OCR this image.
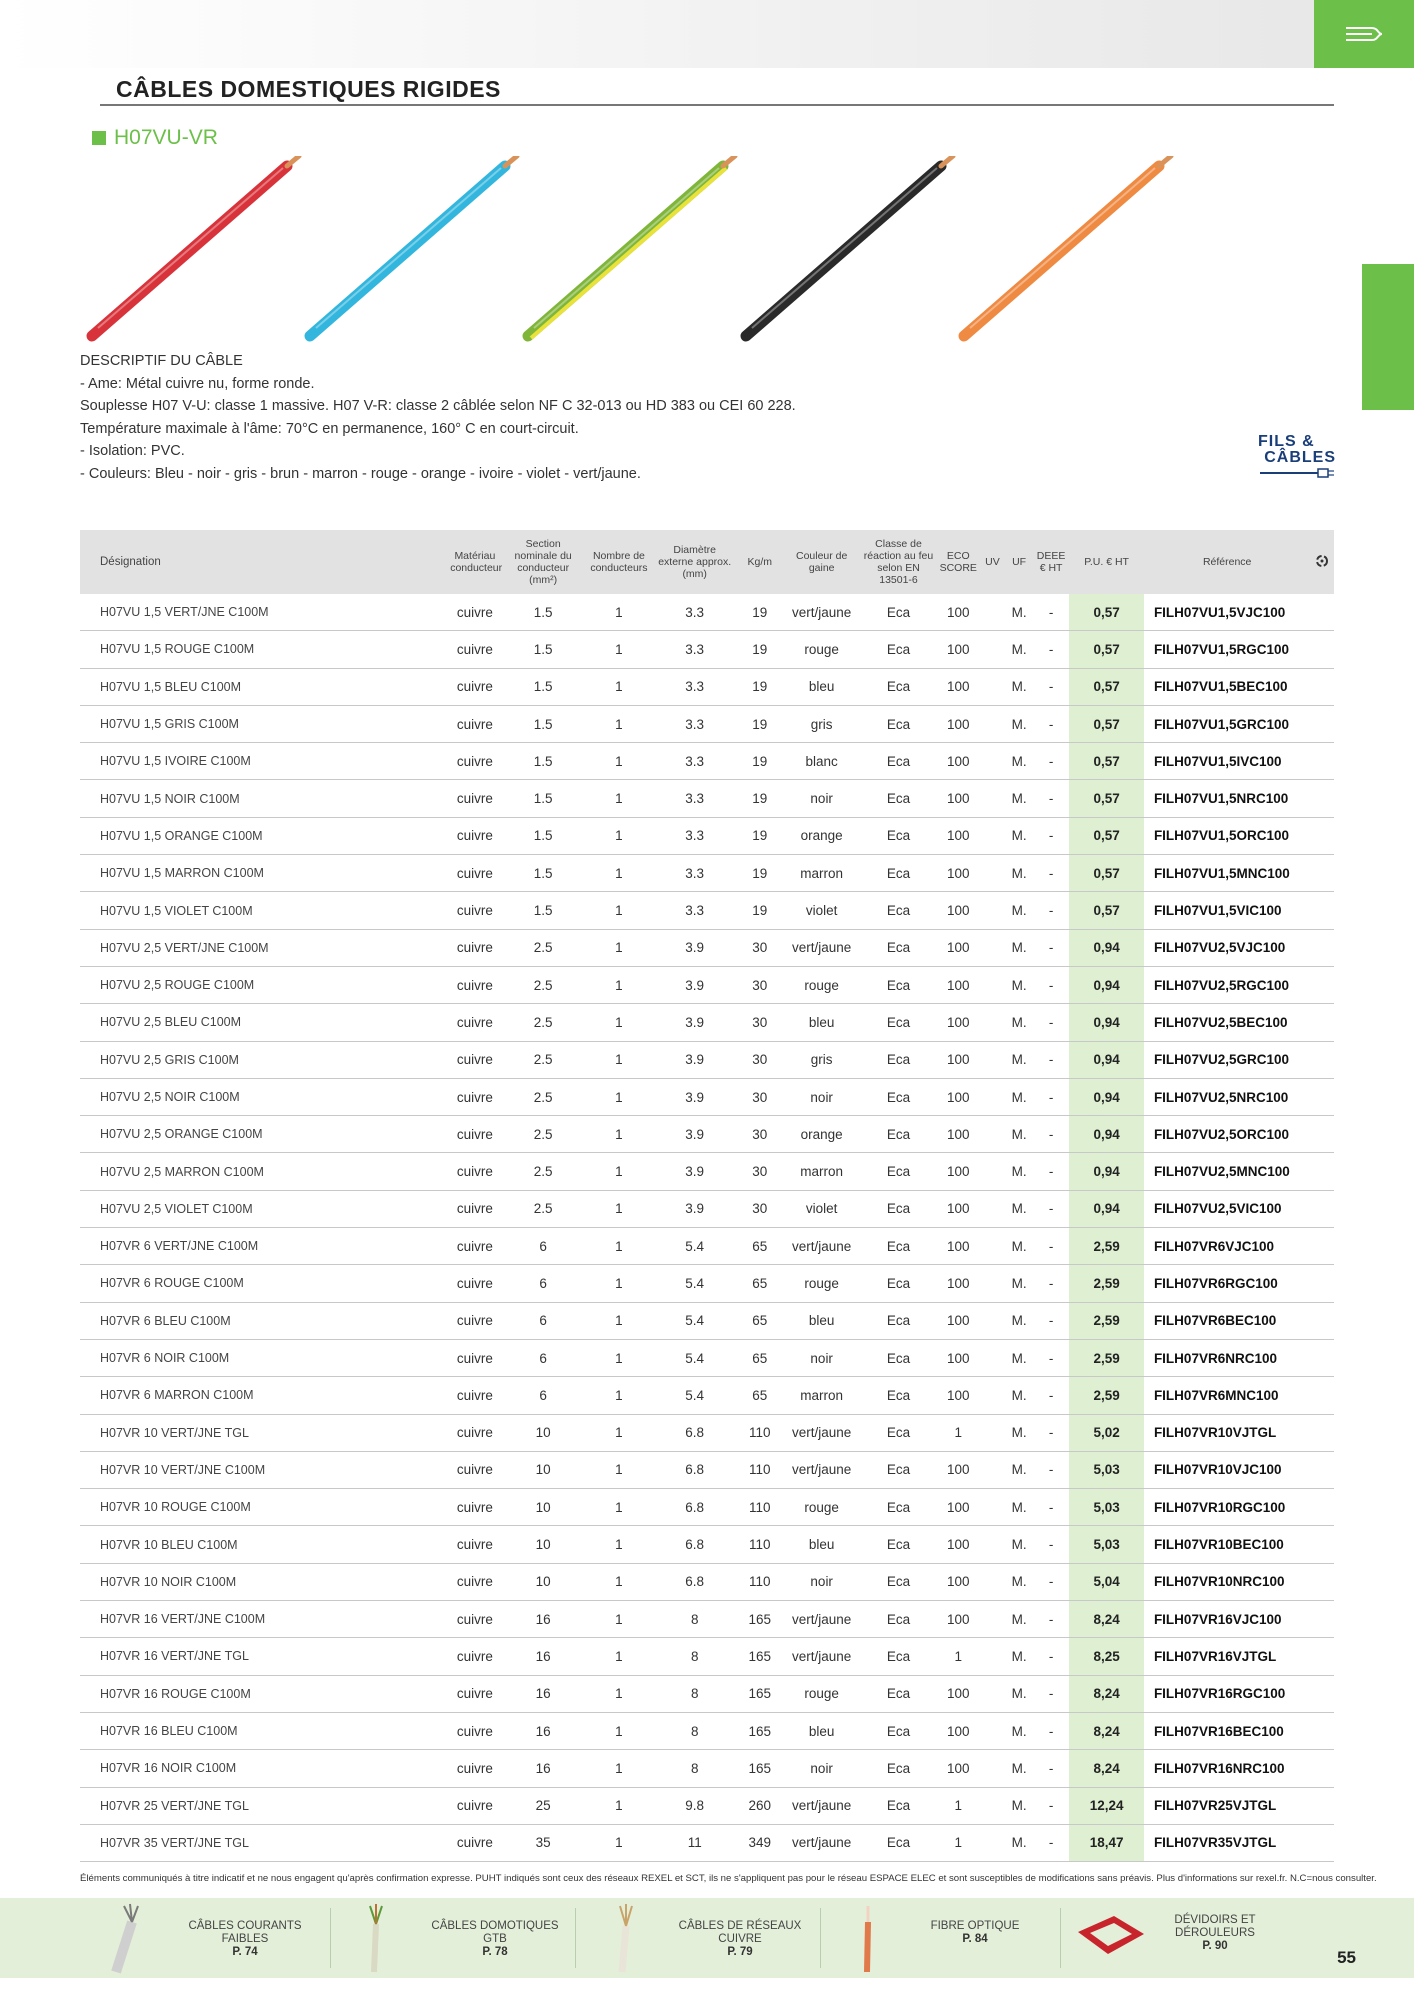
CÂBLES DOMESTIQUES RIGIDES
H07VU-VR
DESCRIPTIF DU CÂBLE
- Ame: Métal cuivre nu, forme ronde.
Souplesse H07 V-U: classe 1 massive. H07 V-R: classe 2 câblée selon NF C 32-013 ou HD 383 ou CEI 60 228.
Température maximale à l'âme: 70°C en permanence, 160° C en court-circuit.
- Isolation: PVC.
- Couleurs: Bleu - noir - gris - brun - marron - rouge - orange - ivoire - violet - vert/jaune.
FILS &
CÂBLES
Désignation	Matériau conducteur	Section nominale du conducteur (mm²)	Nombre de conducteurs	Diamètre externe approx. (mm)	Kg/m	Couleur de gaine	Classe de réaction au feu selon EN 13501-6	ECO SCORE	UV	UF	DEEE € HT	P.U. € HT	Référence	
H07VU 1,5 VERT/JNE C100M	cuivre	1.5	1	3.3	19	vert/jaune	Eca	100		M.	-	0,57	FILH07VU1,5VJC100	
H07VU 1,5 ROUGE C100M	cuivre	1.5	1	3.3	19	rouge	Eca	100		M.	-	0,57	FILH07VU1,5RGC100	
H07VU 1,5 BLEU C100M	cuivre	1.5	1	3.3	19	bleu	Eca	100		M.	-	0,57	FILH07VU1,5BEC100	
H07VU 1,5 GRIS C100M	cuivre	1.5	1	3.3	19	gris	Eca	100		M.	-	0,57	FILH07VU1,5GRC100	
H07VU 1,5 IVOIRE C100M	cuivre	1.5	1	3.3	19	blanc	Eca	100		M.	-	0,57	FILH07VU1,5IVC100	
H07VU 1,5 NOIR C100M	cuivre	1.5	1	3.3	19	noir	Eca	100		M.	-	0,57	FILH07VU1,5NRC100	
H07VU 1,5 ORANGE C100M	cuivre	1.5	1	3.3	19	orange	Eca	100		M.	-	0,57	FILH07VU1,5ORC100	
H07VU 1,5 MARRON C100M	cuivre	1.5	1	3.3	19	marron	Eca	100		M.	-	0,57	FILH07VU1,5MNC100	
H07VU 1,5 VIOLET C100M	cuivre	1.5	1	3.3	19	violet	Eca	100		M.	-	0,57	FILH07VU1,5VIC100	
H07VU 2,5 VERT/JNE C100M	cuivre	2.5	1	3.9	30	vert/jaune	Eca	100		M.	-	0,94	FILH07VU2,5VJC100	
H07VU 2,5 ROUGE C100M	cuivre	2.5	1	3.9	30	rouge	Eca	100		M.	-	0,94	FILH07VU2,5RGC100	
H07VU 2,5 BLEU C100M	cuivre	2.5	1	3.9	30	bleu	Eca	100		M.	-	0,94	FILH07VU2,5BEC100	
H07VU 2,5 GRIS C100M	cuivre	2.5	1	3.9	30	gris	Eca	100		M.	-	0,94	FILH07VU2,5GRC100	
H07VU 2,5 NOIR C100M	cuivre	2.5	1	3.9	30	noir	Eca	100		M.	-	0,94	FILH07VU2,5NRC100	
H07VU 2,5 ORANGE C100M	cuivre	2.5	1	3.9	30	orange	Eca	100		M.	-	0,94	FILH07VU2,5ORC100	
H07VU 2,5 MARRON C100M	cuivre	2.5	1	3.9	30	marron	Eca	100		M.	-	0,94	FILH07VU2,5MNC100	
H07VU 2,5 VIOLET C100M	cuivre	2.5	1	3.9	30	violet	Eca	100		M.	-	0,94	FILH07VU2,5VIC100	
H07VR 6 VERT/JNE C100M	cuivre	6	1	5.4	65	vert/jaune	Eca	100		M.	-	2,59	FILH07VR6VJC100	
H07VR 6 ROUGE C100M	cuivre	6	1	5.4	65	rouge	Eca	100		M.	-	2,59	FILH07VR6RGC100	
H07VR 6 BLEU C100M	cuivre	6	1	5.4	65	bleu	Eca	100		M.	-	2,59	FILH07VR6BEC100	
H07VR 6 NOIR C100M	cuivre	6	1	5.4	65	noir	Eca	100		M.	-	2,59	FILH07VR6NRC100	
H07VR 6 MARRON C100M	cuivre	6	1	5.4	65	marron	Eca	100		M.	-	2,59	FILH07VR6MNC100	
H07VR 10 VERT/JNE TGL	cuivre	10	1	6.8	110	vert/jaune	Eca	1		M.	-	5,02	FILH07VR10VJTGL	
H07VR 10 VERT/JNE C100M	cuivre	10	1	6.8	110	vert/jaune	Eca	100		M.	-	5,03	FILH07VR10VJC100	
H07VR 10 ROUGE C100M	cuivre	10	1	6.8	110	rouge	Eca	100		M.	-	5,03	FILH07VR10RGC100	
H07VR 10 BLEU C100M	cuivre	10	1	6.8	110	bleu	Eca	100		M.	-	5,03	FILH07VR10BEC100	
H07VR 10 NOIR C100M	cuivre	10	1	6.8	110	noir	Eca	100		M.	-	5,04	FILH07VR10NRC100	
H07VR 16 VERT/JNE C100M	cuivre	16	1	8	165	vert/jaune	Eca	100		M.	-	8,24	FILH07VR16VJC100	
H07VR 16 VERT/JNE TGL	cuivre	16	1	8	165	vert/jaune	Eca	1		M.	-	8,25	FILH07VR16VJTGL	
H07VR 16 ROUGE C100M	cuivre	16	1	8	165	rouge	Eca	100		M.	-	8,24	FILH07VR16RGC100	
H07VR 16 BLEU C100M	cuivre	16	1	8	165	bleu	Eca	100		M.	-	8,24	FILH07VR16BEC100	
H07VR 16 NOIR C100M	cuivre	16	1	8	165	noir	Eca	100		M.	-	8,24	FILH07VR16NRC100	
H07VR 25 VERT/JNE TGL	cuivre	25	1	9.8	260	vert/jaune	Eca	1		M.	-	12,24	FILH07VR25VJTGL	
H07VR 35 VERT/JNE TGL	cuivre	35	1	11	349	vert/jaune	Eca	1		M.	-	18,47	FILH07VR35VJTGL	
Éléments communiqués à titre indicatif et ne nous engagent qu'après confirmation expresse. PUHT indiqués sont ceux des réseaux REXEL et SCT, ils ne s'appliquent pas pour le réseau ESPACE ELEC et sont susceptibles de modifications sans préavis. Plus d'informations sur rexel.fr. N.C=nous consulter.
CÂBLES COURANTS FAIBLES
P. 74
CÂBLES DOMOTIQUES GTB
P. 78
CÂBLES DE RÉSEAUX CUIVRE
P. 79
FIBRE OPTIQUE
P. 84
DÉVIDOIRS ET DÉROULEURS
P. 90
55
